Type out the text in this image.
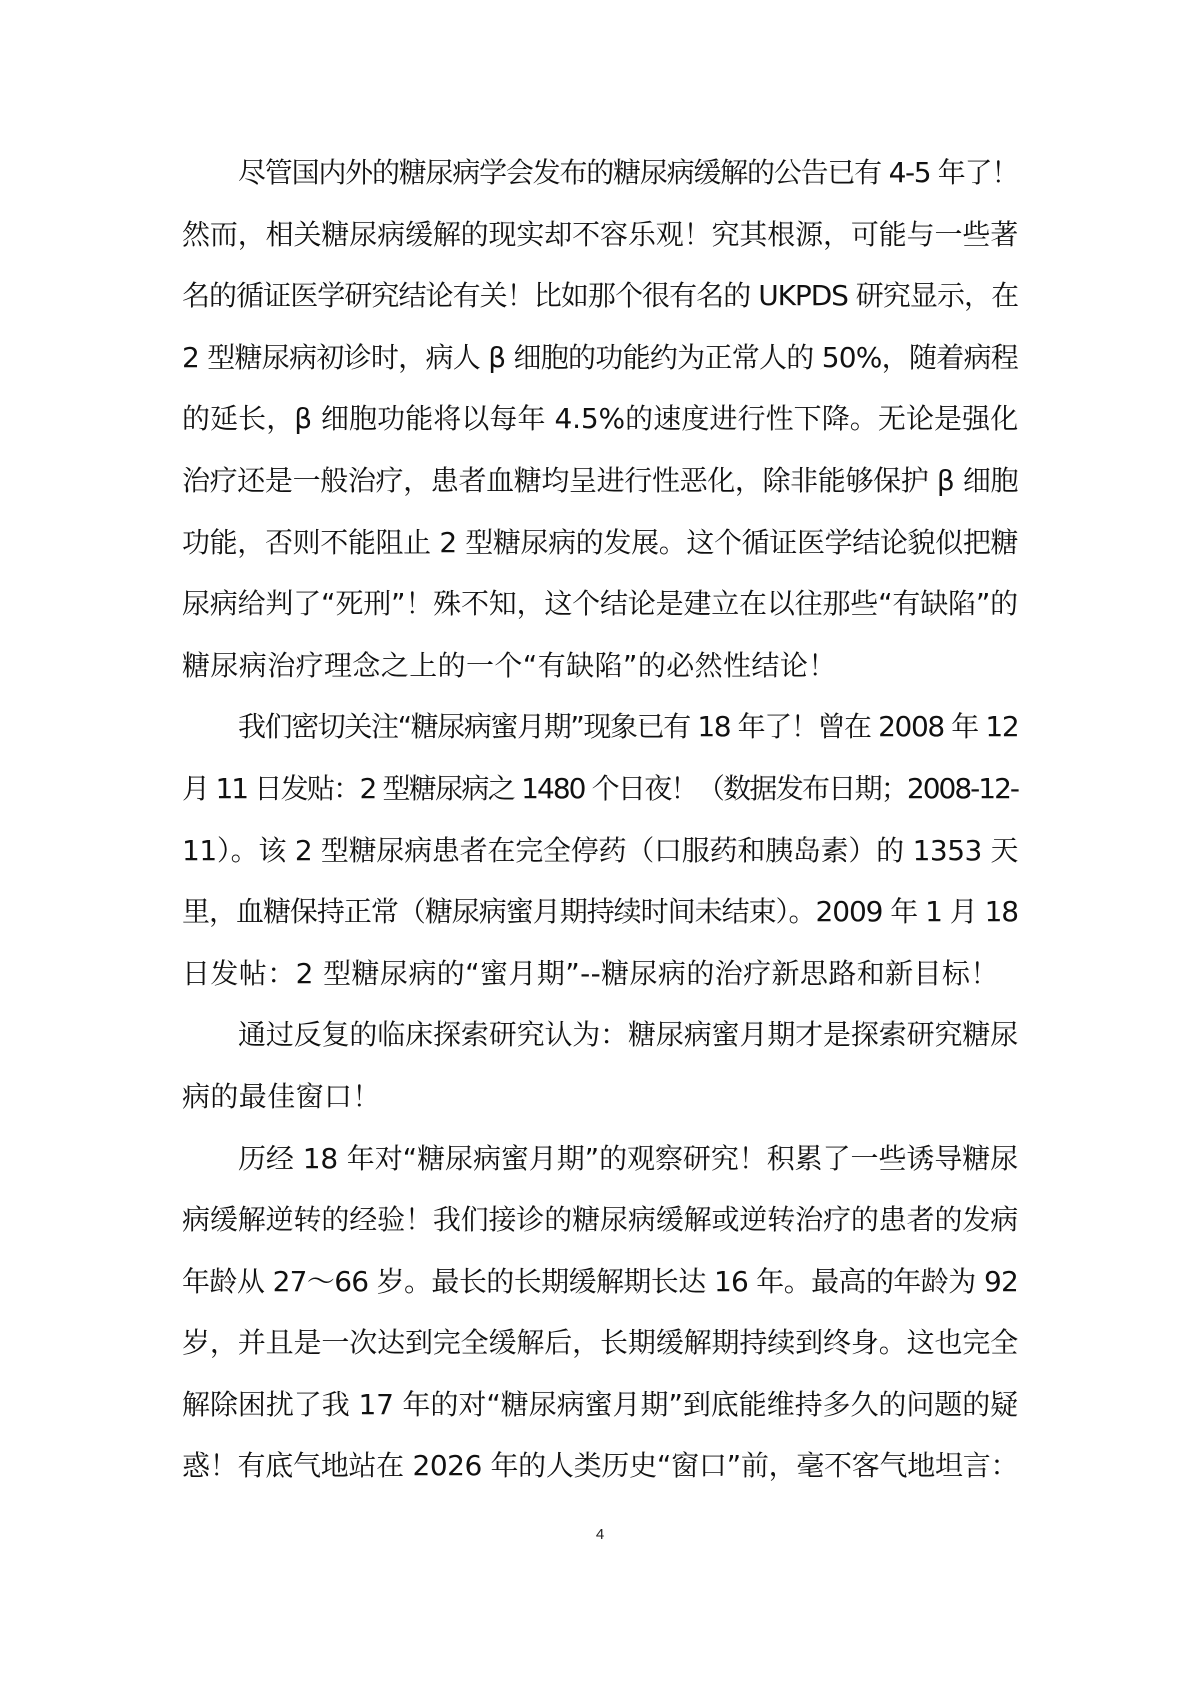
尽管国内外的糖尿病学会发布的糖尿病缓解的公告已有 4-5 年了！
然而，相关糖尿病缓解的现实却不容乐观！究其根源，可能与一些著
名的循证医学研究结论有关！比如那个很有名的 UKPDS 研究显示，在
2 型糖尿病初诊时，病人 β 细胞的功能约为正常人的 50%，随着病程
的延长，β 细胞功能将以每年 4.5%的速度进行性下降。无论是强化
治疗还是一般治疗，患者血糖均呈进行性恶化，除非能够保护 β 细胞
功能，否则不能阻止 2 型糖尿病的发展。这个循证医学结论貌似把糖
尿病给判了“死刑”！殊不知，这个结论是建立在以往那些“有缺陷”的
糖尿病治疗理念之上的一个“有缺陷”的必然性结论！
我们密切关注“糖尿病蜜月期”现象已有 18 年了！曾在 2008 年 12
月 11 日发贴：2 型糖尿病之 1480 个日夜！（数据发布日期；2008-12-
11）。该 2 型糖尿病患者在完全停药（口服药和胰岛素）的 1353 天
里，血糖保持正常（糖尿病蜜月期持续时间未结束）。2009 年 1 月 18
日发帖：2 型糖尿病的“蜜月期”--糖尿病的治疗新思路和新目标！
通过反复的临床探索研究认为：糖尿病蜜月期才是探索研究糖尿
病的最佳窗口！
历经 18 年对“糖尿病蜜月期”的观察研究！积累了一些诱导糖尿
病缓解逆转的经验！我们接诊的糖尿病缓解或逆转治疗的患者的发病
年龄从 27～66 岁。最长的长期缓解期长达 16 年。最高的年龄为 92
岁，并且是一次达到完全缓解后，长期缓解期持续到终身。这也完全
解除困扰了我 17 年的对“糖尿病蜜月期”到底能维持多久的问题的疑
惑！有底气地站在 2026 年的人类历史“窗口”前，毫不客气地坦言：
4
